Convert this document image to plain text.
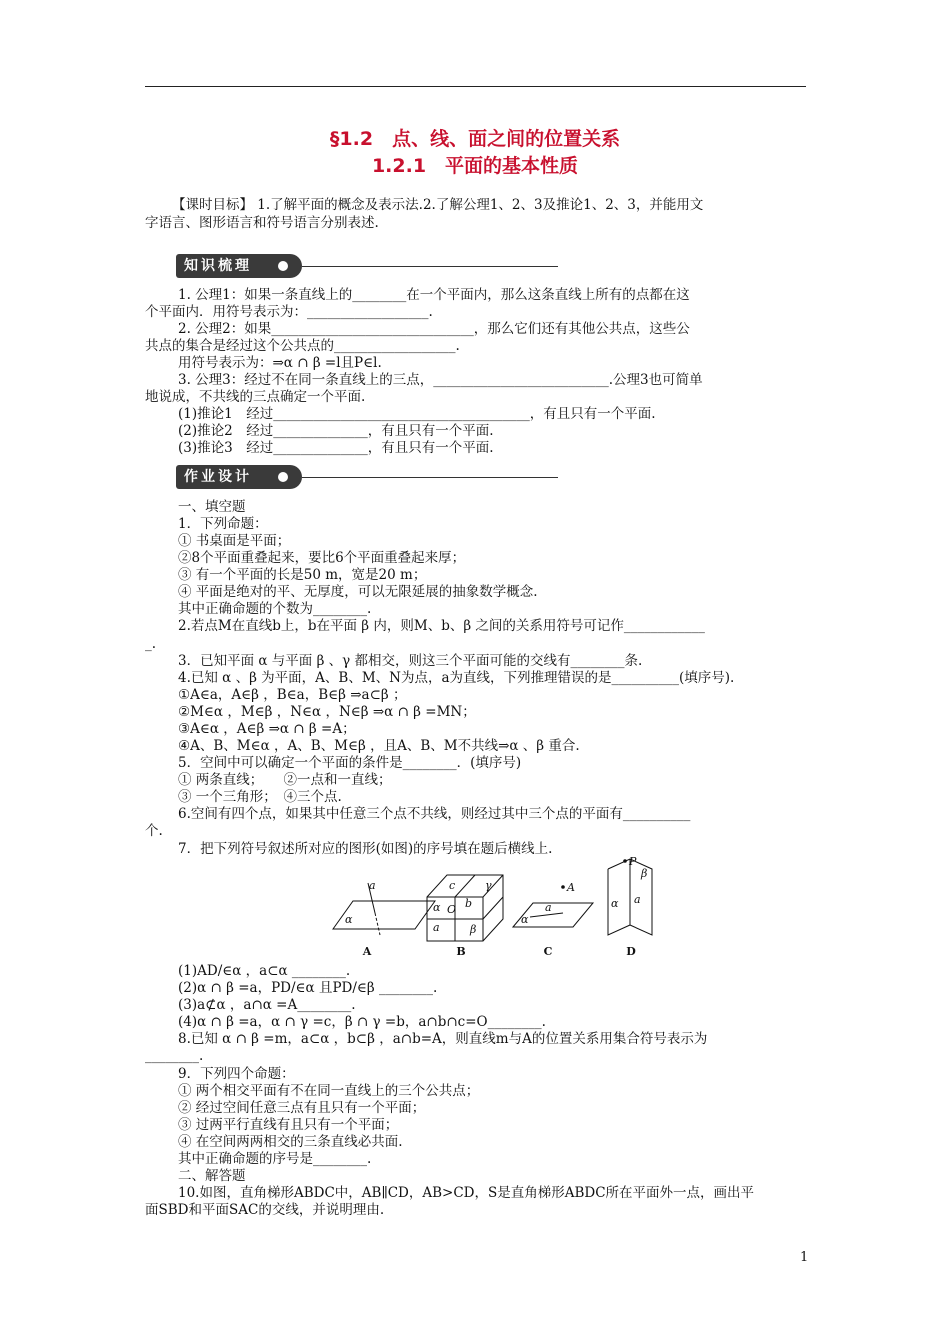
§1.2　点、线、面之间的位置关系
1.2.1　平面的基本性质
【课时目标】 1.了解平面的概念及表示法.2.了解公理1、2、3及推论1、2、3，并能用文
字语言、图形语言和符号语言分别表述.
知识梳理
1. 公理1：如果一条直线上的________在一个平面内，那么这条直线上所有的点都在这
个平面内．用符号表示为：__________________.
2. 公理2：如果______________________________，那么它们还有其他公共点，这些公
共点的集合是经过这个公共点的__________________.
用符号表示为：⇒α ∩ β =l且P∈l.
3. 公理3：经过不在同一条直线上的三点，__________________________.公理3也可简单
地说成，不共线的三点确定一个平面.
(1)推论1　经过______________________________________，有且只有一个平面.
(2)推论2　经过______________，有且只有一个平面.
(3)推论3　经过______________，有且只有一个平面.
作业设计
一、填空题
1．下列命题：
① 书桌面是平面；
②8个平面重叠起来，要比6个平面重叠起来厚；
③ 有一个平面的长是50 m，宽是20 m；
④ 平面是绝对的平、无厚度，可以无限延展的抽象数学概念.
其中正确命题的个数为________.
2.若点M在直线b上，b在平面 β 内，则M、b、β 之间的关系用符号可记作____________
_.
3．已知平面 α 与平面 β 、γ 都相交，则这三个平面可能的交线有________条.
4.已知 α 、β 为平面，A、B、M、N为点，a为直线，下列推理错误的是__________(填序号).
①A∈a，A∈β ，B∈a，B∈β ⇒a⊂β ；
②M∈α ，M∈β ，N∈α ，N∈β ⇒α ∩ β =MN；
③A∈α ，A∈β ⇒α ∩ β =A；
④A、B、M∈α ，A、B、M∈β ，且A、B、M不共线⇒α 、β 重合.
5．空间中可以确定一个平面的条件是________．(填序号)
① 两条直线；　　②一点和一直线；
③ 一个三角形；　④三个点.
6.空间有四个点，如果其中任意三个点不共线，则经过其中三个点的平面有__________
个.
7．把下列符号叙述所对应的图形(如图)的序号填在题后横线上.
a
α
c	γ
b
O
α
a	β
A
a
α
P
α
β
a
A	B	C	D
(1)AD/∈α ，a⊂α ________.
(2)α ∩ β =a，PD/∈α 且PD/∈β ________.
(3)a⊄α ，a∩α =A________.
(4)α ∩ β =a，α ∩ γ =c，β ∩ γ =b，a∩b∩c=O________.
8.已知 α ∩ β =m，a⊂α ，b⊂β ，a∩b=A，则直线m与A的位置关系用集合符号表示为
________.
9．下列四个命题：
① 两个相交平面有不在同一直线上的三个公共点；
② 经过空间任意三点有且只有一个平面；
③ 过两平行直线有且只有一个平面；
④ 在空间两两相交的三条直线必共面.
其中正确命题的序号是________.
二、解答题
10.如图，直角梯形ABDC中，AB∥CD，AB>CD，S是直角梯形ABDC所在平面外一点，画出平
面SBD和平面SAC的交线，并说明理由.
1
